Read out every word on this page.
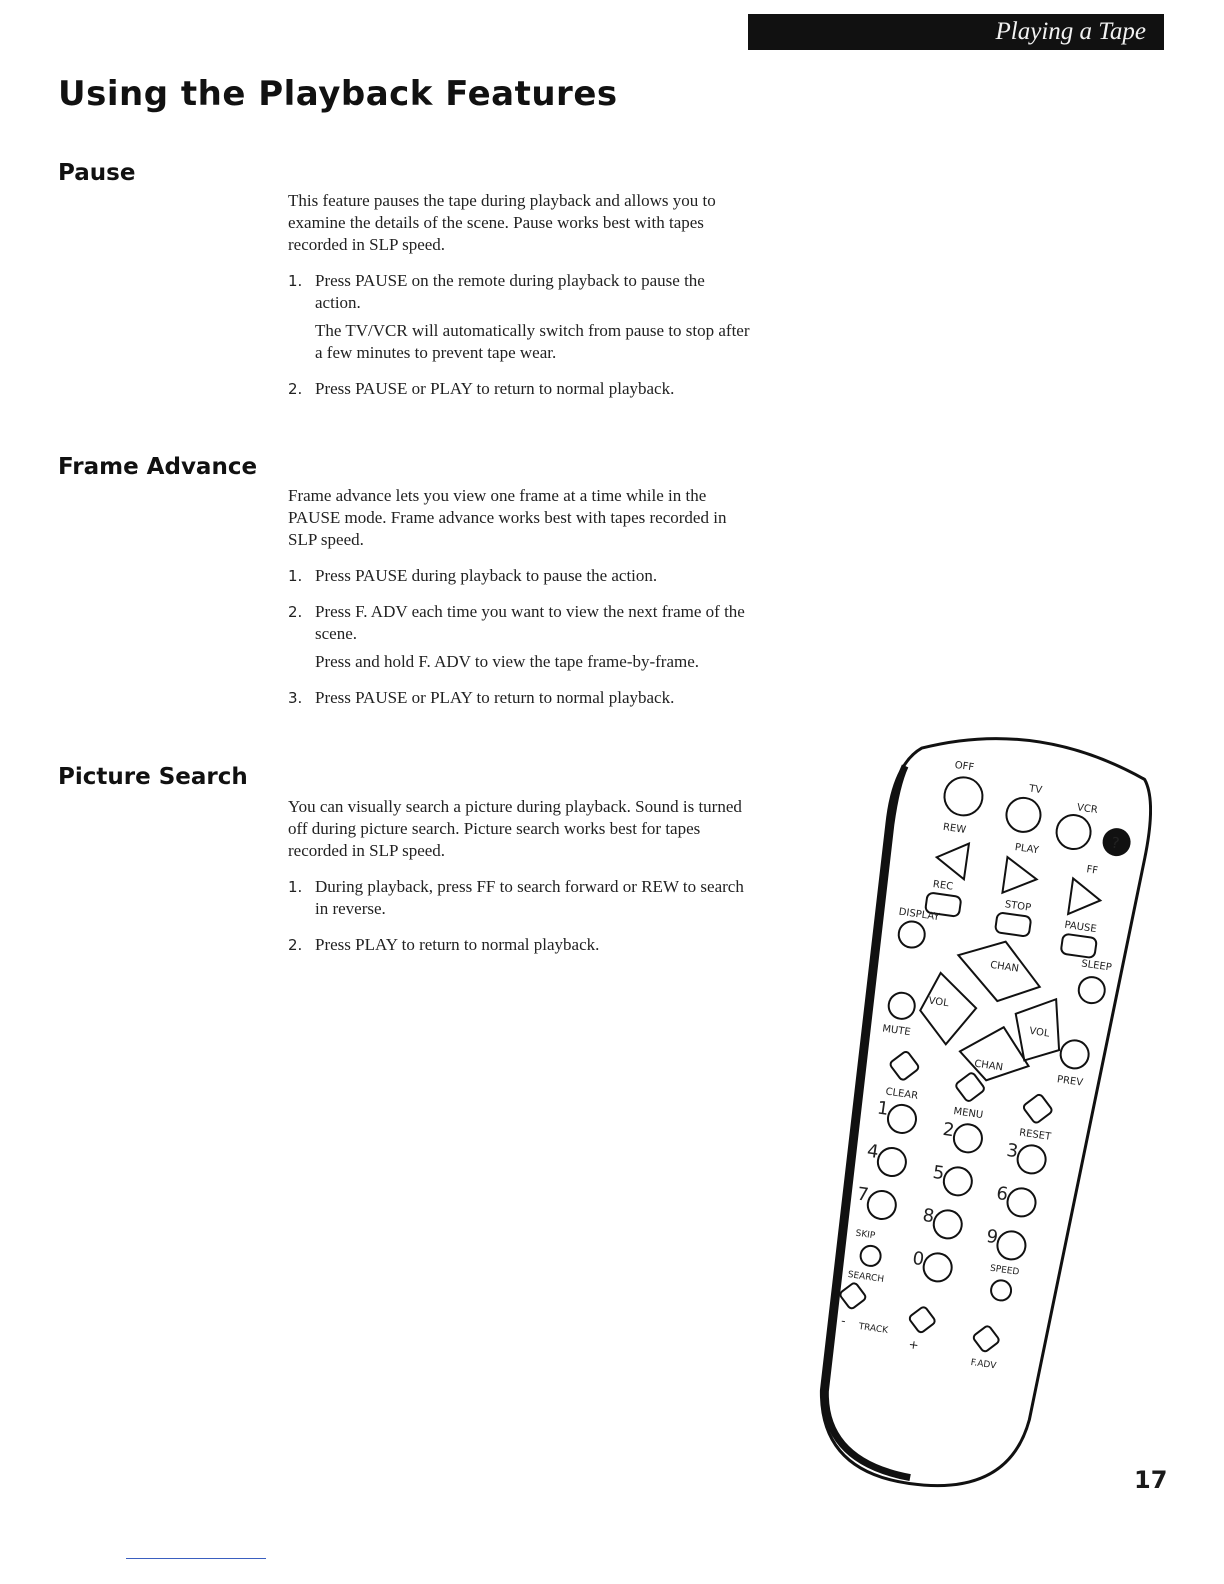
Playing a Tape
Using the Playback Features
Pause

This feature pauses the tape during playback and allows you to examine the details of the scene. Pause works best with tapes recorded in SLP speed.

1. Press PAUSE on the remote during playback to pause the action.
The TV/VCR will automatically switch from pause to stop after a few minutes to prevent tape wear.
2. Press PAUSE or PLAY to return to normal playback.
Frame Advance

Frame advance lets you view one frame at a time while in the PAUSE mode. Frame advance works best with tapes recorded in SLP speed.

1. Press PAUSE during playback to pause the action.
2. Press F. ADV each time you want to view the next frame of the scene.
Press and hold F. ADV to view the tape frame-by-frame.
3. Press PAUSE or PLAY to return to normal playback.
Picture Search

You can visually search a picture during playback. Sound is turned off during picture search. Picture search works best for tapes recorded in SLP speed.

1. During playback, press FF to search forward or REW to search in reverse.
2. Press PLAY to return to normal playback.
OFF
TV
VCR
?
REW
PLAY
FF
REC
STOP
PAUSE
DISPLAY
SLEEP
CHAN
VOL
VOL
CHAN
MUTE
PREV
CLEAR
MENU
RESET
1
2
3
4
5
6
7
8
9
0
SKIP
SEARCH	SPEED
-
TRACK
+
F.ADV
17
